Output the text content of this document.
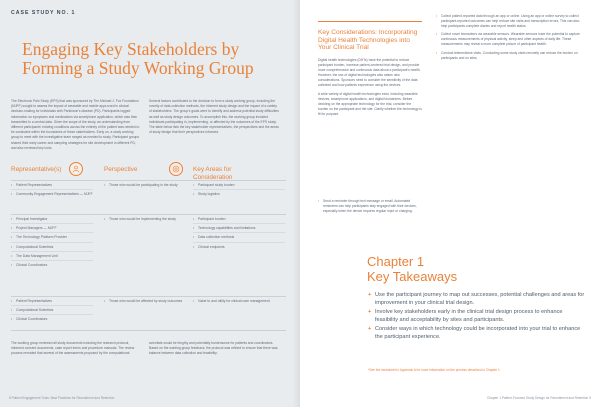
CASE STUDY NO. 1
Engaging Key Stakeholders by
Forming a Study Working Group
The Electronic Pain Study (EPS) that was sponsored by The Michael J. Fox Foundation (MJFF) sought to assess the impact of wearable and mobile apps used in clinical decision-making for individuals with Parkinson's disease (PD). Participants logged information on symptoms and medications via smartphone application, which was then transmitted to a central data. Given the scope of the study, an understanding from different participants' existing conditions across the entirety of the patient was needed to be consistent within the boundaries of these stakeholders. Early on, a study working group to meet with the investigative team ranged as needed to study. Participant groups shared their early career and sampling strategies for site development in different PD, and also reviewed key tools.
Several factors contributed to the decision to form a study working group, including the novelty of data collection methods, the inherent study design and the impact of a variety of stakeholders. The group's goals were to identify and address potential study difficulties as well as study design outcomes. To accomplish this, the working group included individuals participating in, implementing, or affected by the outcomes of the EPS study. The table below lists the key stakeholder representatives, the perspectives and the areas of study design that their perspectives informed.
Representative(s)	Perspective	Key Areas for Consideration
• Patient Representatives
• Community Engagement Representatives — MJFF
• Those who would be participating in the study	• Participant study burden
• Study logistics
• Principal Investigator
• Project Managers — MJFF
• The Technology Platform Provider
• Computational Scientists
• The Data Management Unit
• Clinical Coordinators
• Those who would be implementing the study	• Participant burden
• Technology capabilities and limitations
• Data collection methods
• Clinical endpoints
• Patient Representatives
• Computational Scientists
• Clinical Coordinators
• Those who would be affected by study outcomes	• Value to and utility for clinical care management
The working group reviewed all study documents including the research protocol, informed consent documents, case report forms and procedure manuals. The review process revealed that several of the assessments proposed by the computational
scientists would be lengthy and potentially burdensome for patients and coordinators. Based on the working group feedback, the protocol was refined to ensure that there was balance between data collection and feasibility.
8 Patient Engagement Tools: Best Practices for Recruitment and Retention
Key Considerations: Incorporating Digital Health Technologies into Your Clinical Trial

Digital health technologies (DHTs) have the potential to reduce participant burden, increase patient-centered trial design, and provide more comprehensive and continuous data about a participant's health. However, the use of digital technologies also raises new considerations. Sponsors need to consider the sensitivity of the data collected and how patients experience using the devices.

A wide variety of digital health technologies exist, including wearable devices, smartphone applications, and digital biomarkers. Before deciding on the appropriate technology for the trial, consider the burden on the participant and the site. Clarify whether the technology is fit for purpose.

• Send a reminder through text message or email. Automated reminders can help participants stay engaged with their devices, especially when the device requires regular input or charging.
• Collect patient-reported data through an app or online. Using an app or online survey to collect participant-reported outcomes can help reduce site visits and transcription errors. This can also help participants complete diaries and report health status.
• Collect novel biomarkers via wearable sensors. Wearable sensors have the potential to capture continuous measurements of physical activity, sleep and other aspects of daily life. These measurements may reveal a more complete picture of participant health.
• Conduct telemedicine visits. Conducting some study visits remotely can reduce the burden on participants and on sites.
Chapter 1
Key Takeaways
+ Use the participant journey to map out successes, potential challenges and areas for improvement in your clinical trial design.
+ Involve key stakeholders early in the clinical trial design process to enhance feasibility and acceptability by sites and participants.
+ Consider ways in which technology could be incorporated into your trial to enhance the participant experience.
*See the worksheet in Appendix A for more information on the process described in Chapter 1.
Chapter 1 Patient-Focused Study Design for Recruitment and Retention 9
